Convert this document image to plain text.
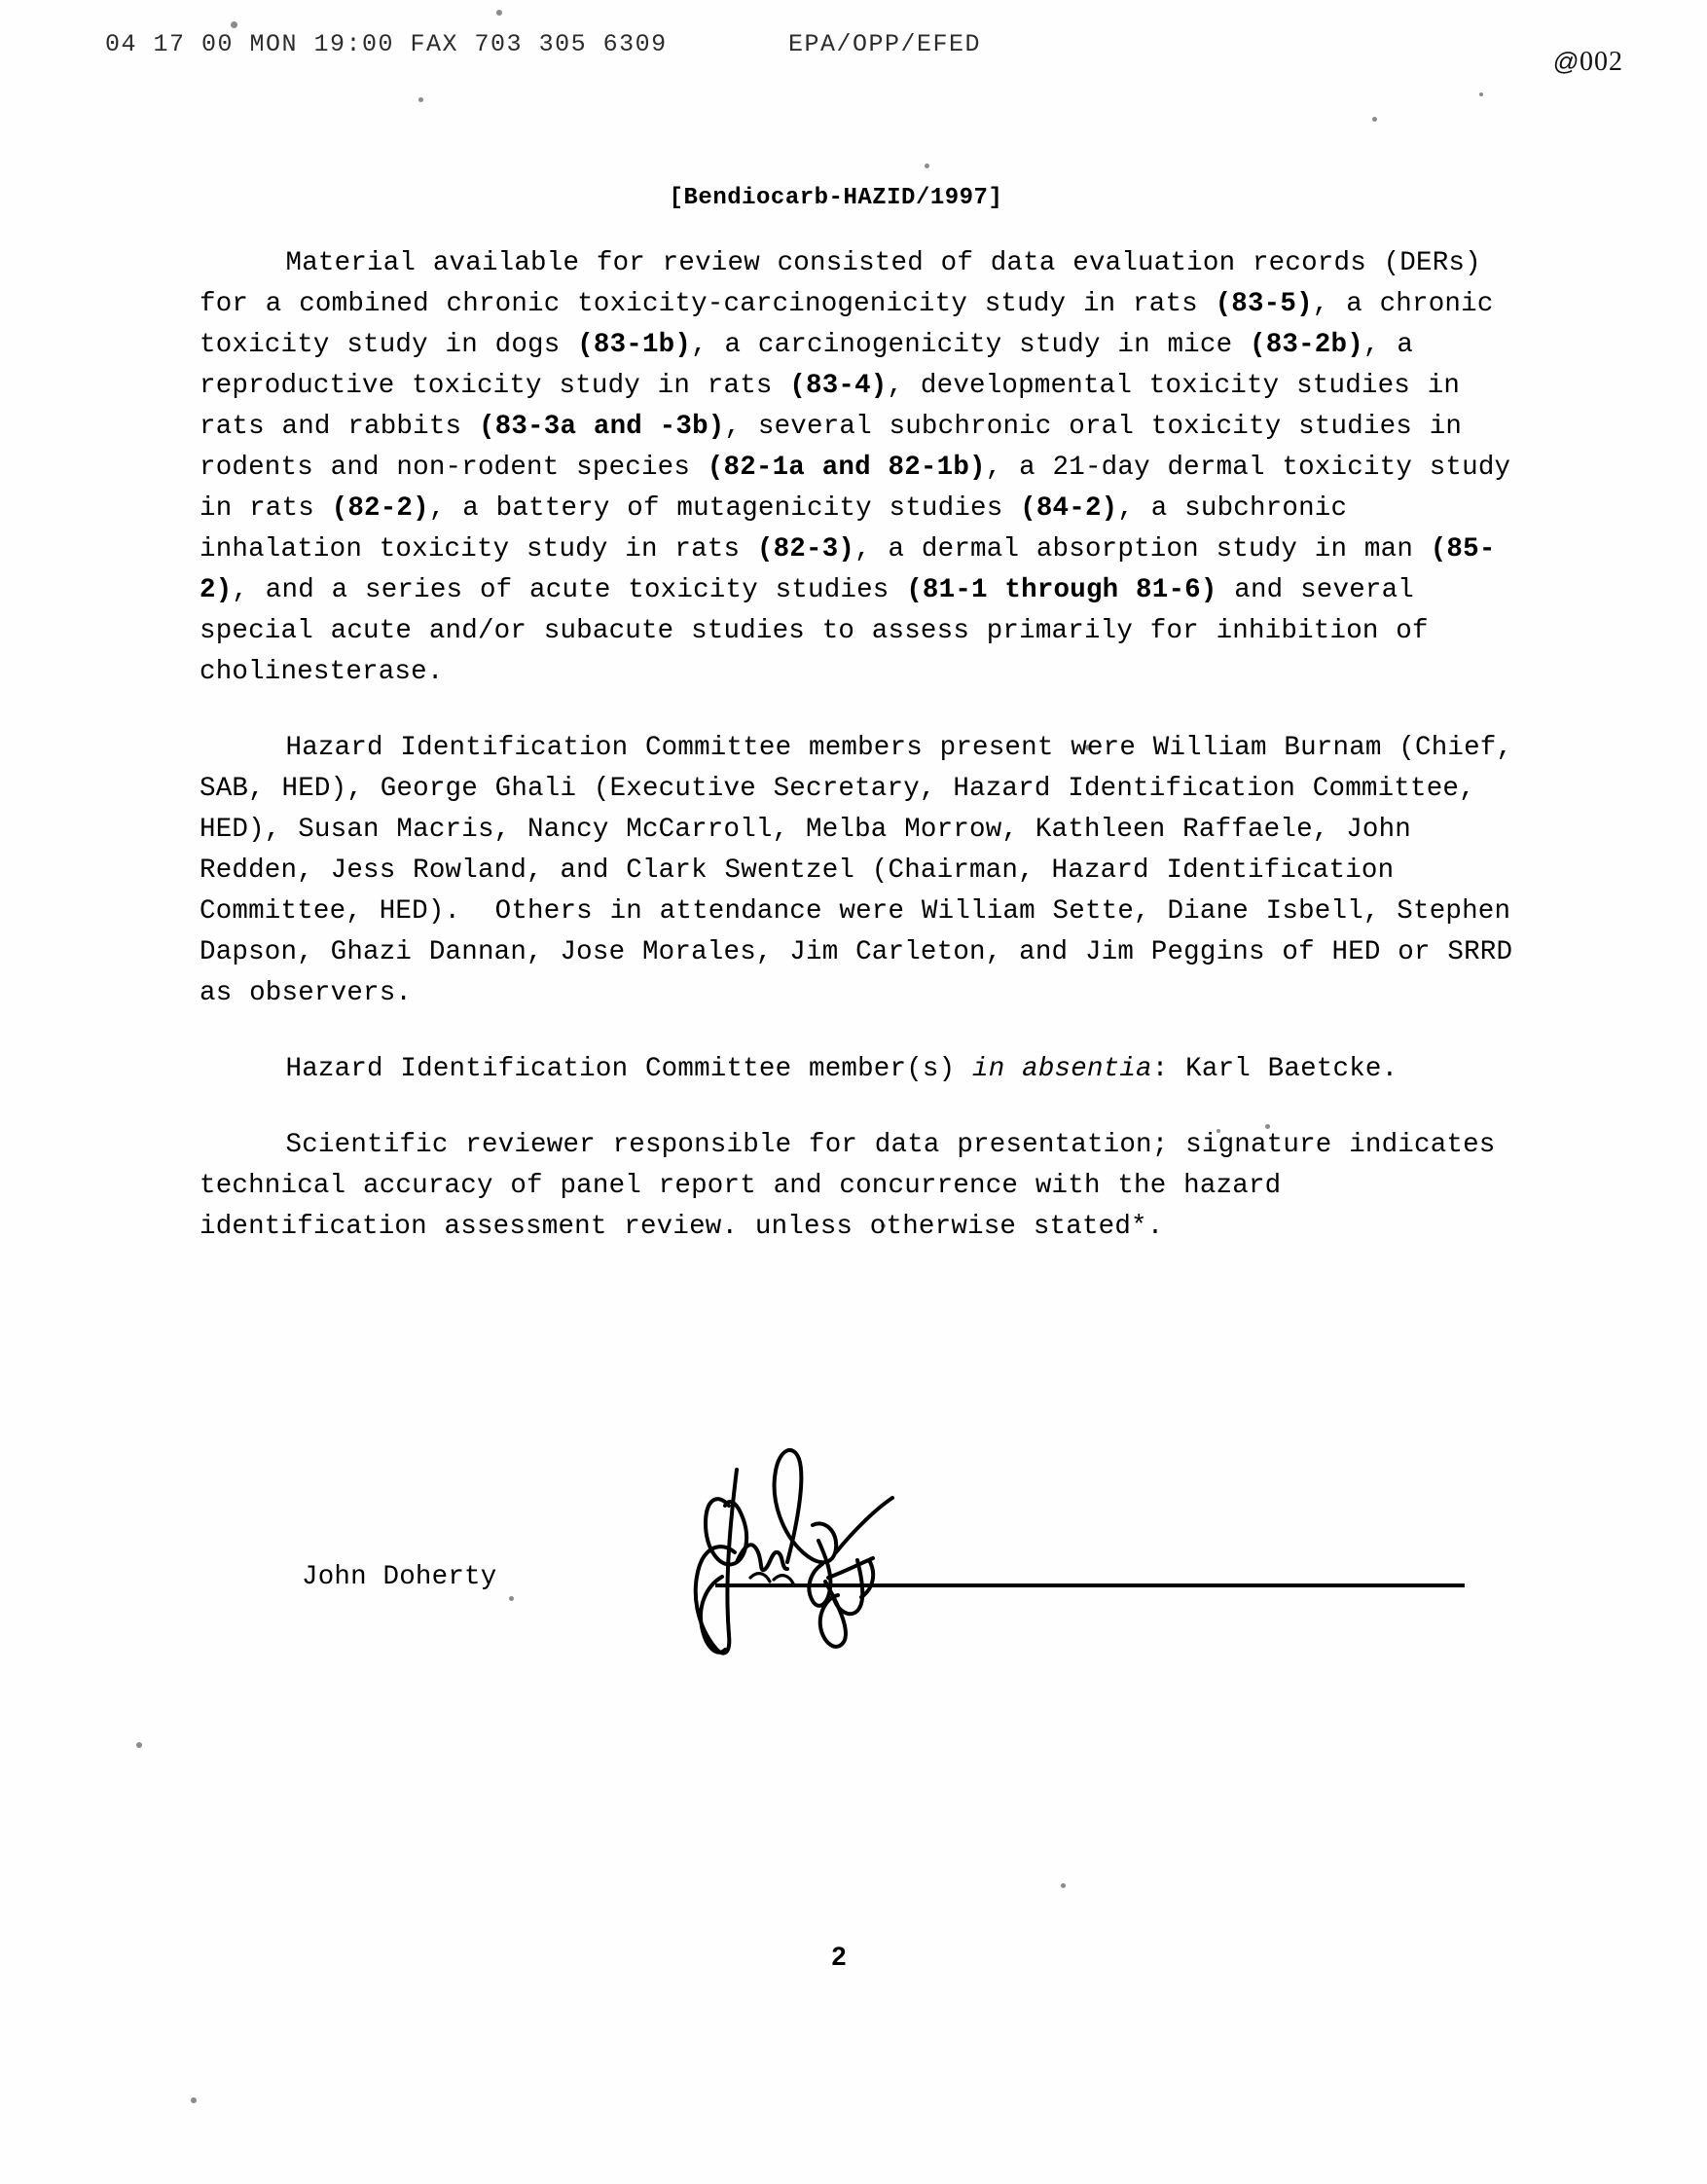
04 17 00 MON 19:00 FAX 703 305 6309	EPA/OPP/EFED
@002
[Bendiocarb-HAZID/1997]

Material available for review consisted of data evaluation records (DERs) for a combined chronic toxicity-carcinogenicity study in rats (83-5), a chronic toxicity study in dogs (83-1b), a carcinogenicity study in mice (83-2b), a reproductive toxicity study in rats (83-4), developmental toxicity studies in rats and rabbits (83-3a and -3b), several subchronic oral toxicity studies in rodents and non-rodent species (82-1a and 82-1b), a 21-day dermal toxicity study in rats (82-2), a battery of mutagenicity studies (84-2), a subchronic inhalation toxicity study in rats (82-3), a dermal absorption study in man (85-2), and a series of acute toxicity studies (81-1 through 81-6) and several special acute and/or subacute studies to assess primarily for inhibition of cholinesterase.

Hazard Identification Committee members present were William Burnam (Chief, SAB, HED), George Ghali (Executive Secretary, Hazard Identification Committee, HED), Susan Macris, Nancy McCarroll, Melba Morrow, Kathleen Raffaele, John Redden, Jess Rowland, and Clark Swentzel (Chairman, Hazard Identification Committee, HED).  Others in attendance were William Sette, Diane Isbell, Stephen Dapson, Ghazi Dannan, Jose Morales, Jim Carleton, and Jim Peggins of HED or SRRD as observers.

Hazard Identification Committee member(s) in absentia: Karl Baetcke.

Scientific reviewer responsible for data presentation; signature indicates technical accuracy of panel report and concurrence with the hazard identification assessment review. unless otherwise stated*.

John Doherty
2
